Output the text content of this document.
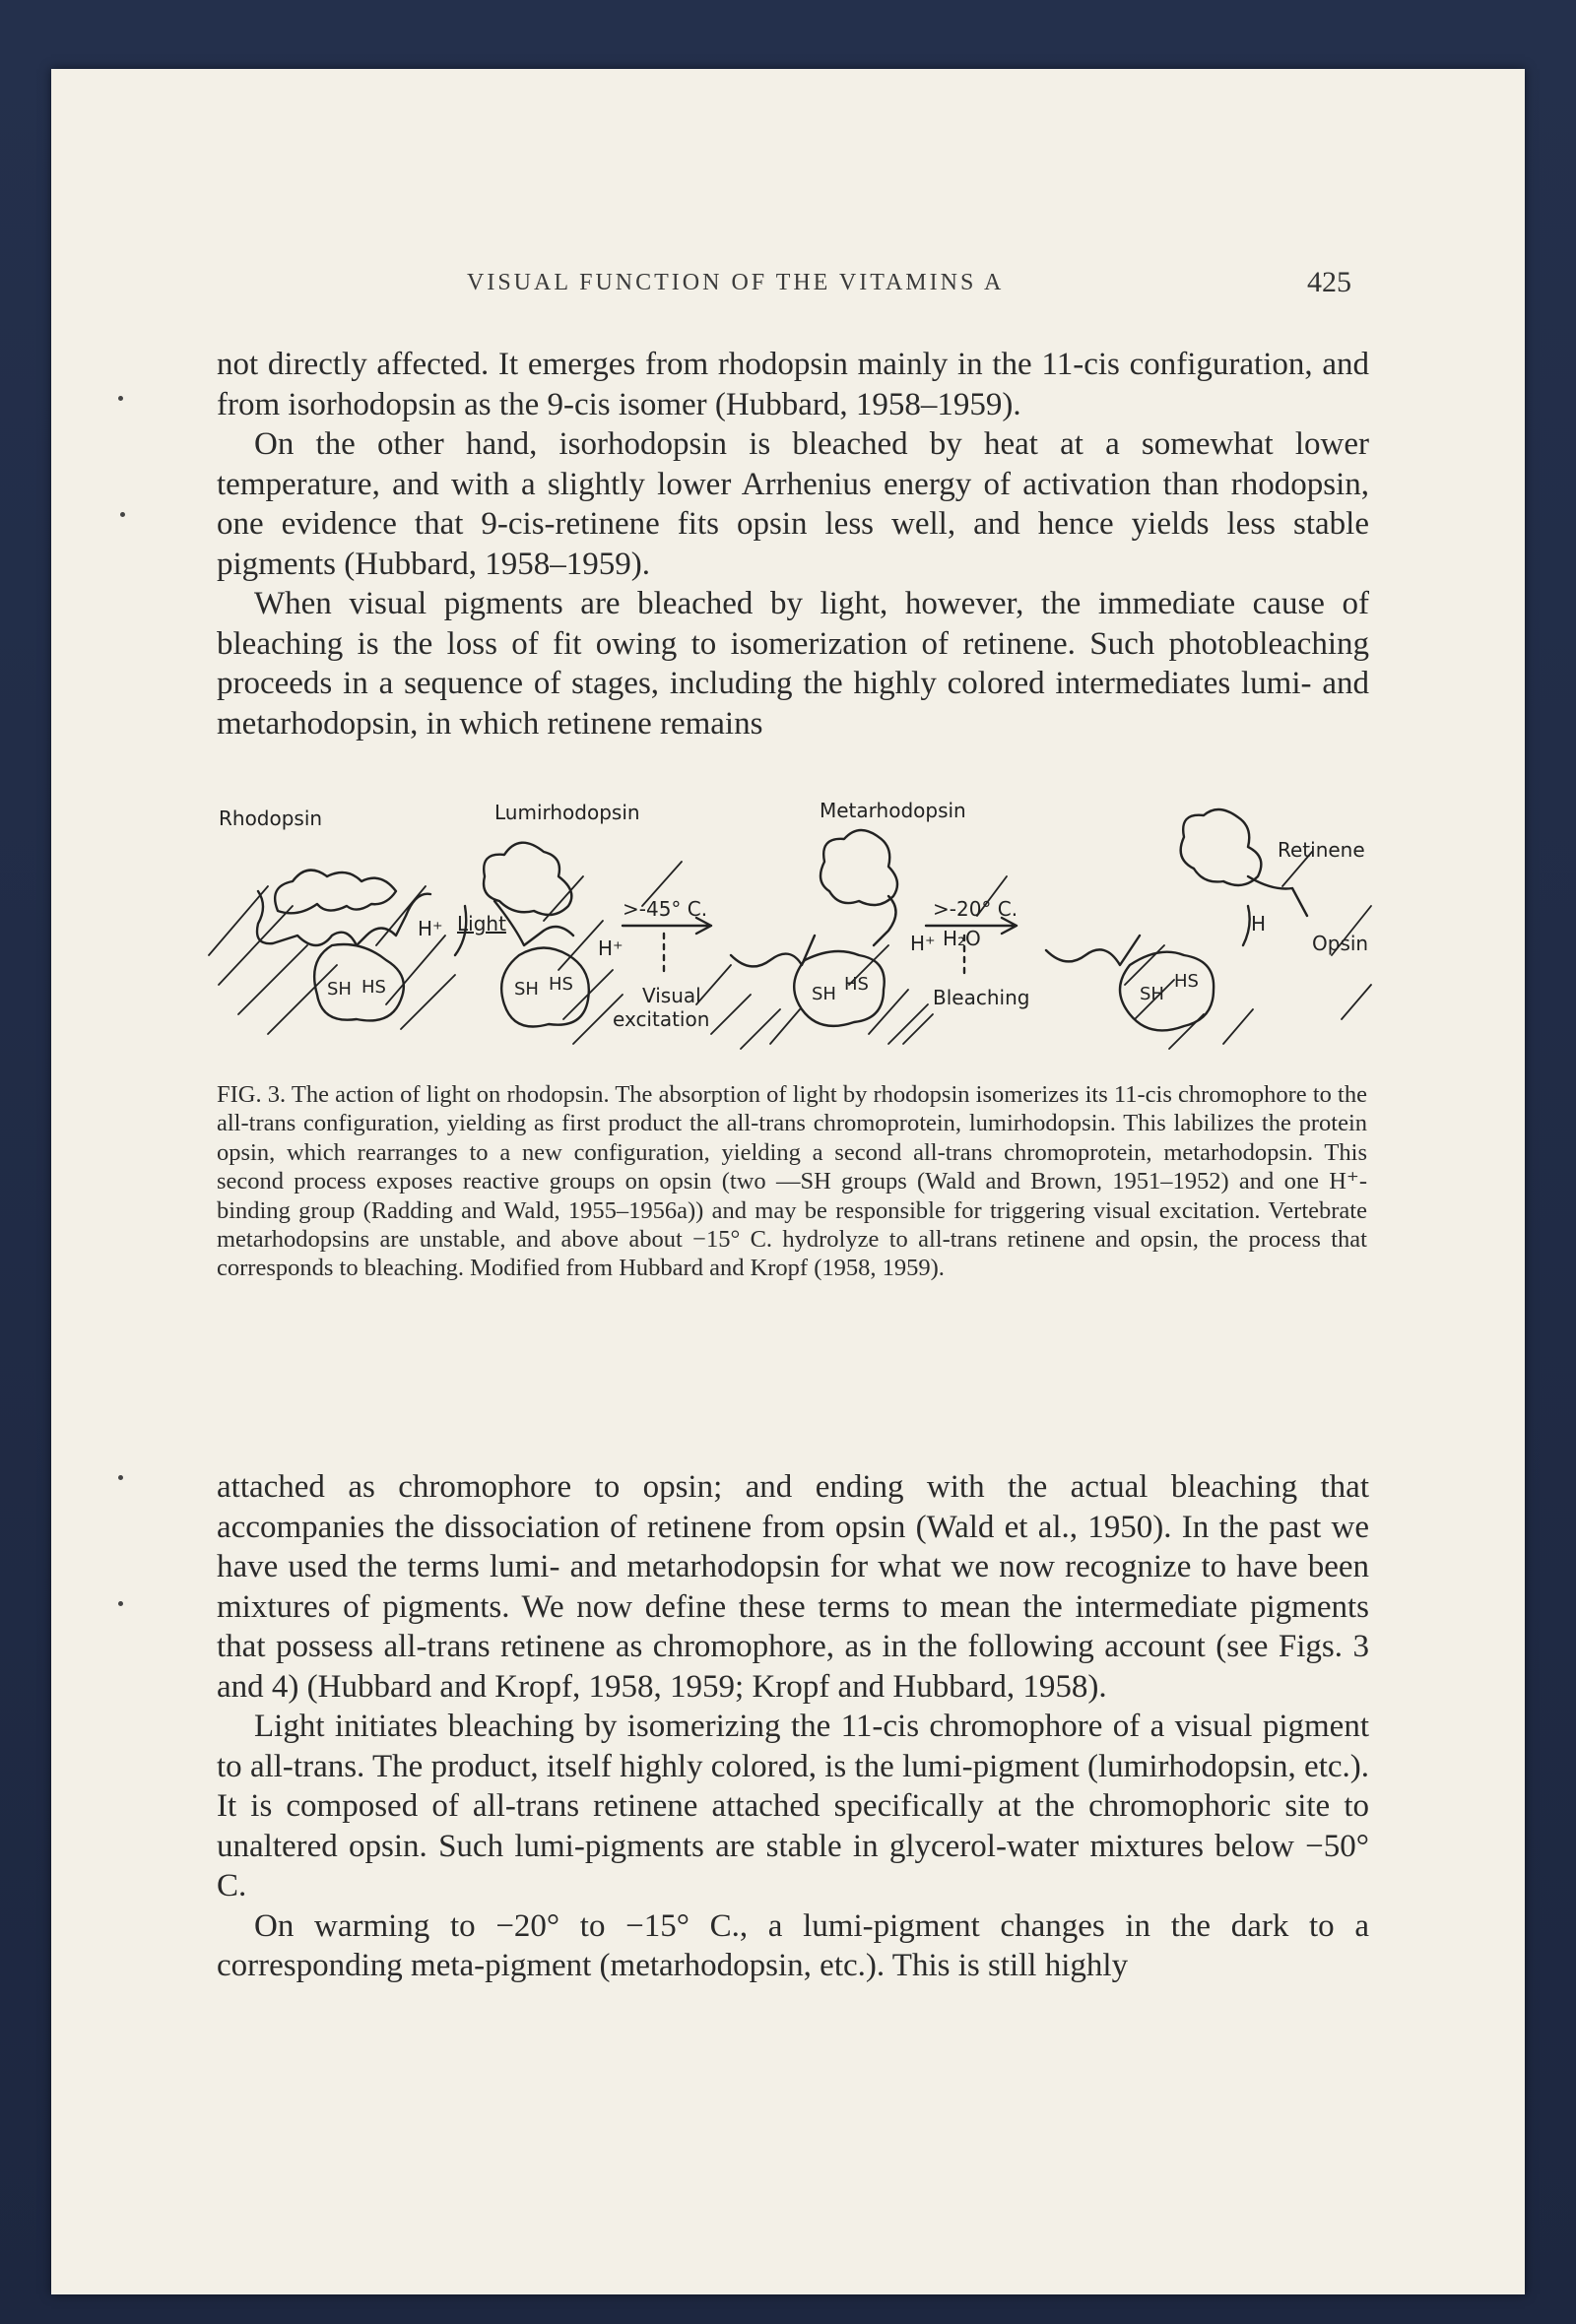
VISUAL FUNCTION OF THE VITAMINS A	425

not directly affected. It emerges from rhodopsin mainly in the 11-cis configuration, and from isorhodopsin as the 9-cis isomer (Hubbard, 1958–1959).

On the other hand, isorhodopsin is bleached by heat at a somewhat lower temperature, and with a slightly lower Arrhenius energy of activation than rhodopsin, one evidence that 9-cis-retinene fits opsin less well, and hence yields less stable pigments (Hubbard, 1958–1959).

When visual pigments are bleached by light, however, the immediate cause of bleaching is the loss of fit owing to isomerization of retinene. Such photobleaching proceeds in a sequence of stages, including the highly colored intermediates lumi- and metarhodopsin, in which retinene remains

Rhodopsin	Lumirhodopsin	Metarhodopsin
Retinene
Opsin
Light
>-45° C.	>-20° C.
H₂O
H⁺
H⁺	H⁺
H
Visual
excitation
Bleaching
SH HS	SH HS	SH HS	SH
HS
FIG. 3. The action of light on rhodopsin. The absorption of light by rhodopsin isomerizes its 11-cis chromophore to the all-trans configuration, yielding as first product the all-trans chromoprotein, lumirhodopsin. This labilizes the protein opsin, which rearranges to a new configuration, yielding a second all-trans chromoprotein, metarhodopsin. This second process exposes reactive groups on opsin (two —SH groups (Wald and Brown, 1951–1952) and one H⁺-binding group (Radding and Wald, 1955–1956a)) and may be responsible for triggering visual excitation. Vertebrate metarhodopsins are unstable, and above about −15° C. hydrolyze to all-trans retinene and opsin, the process that corresponds to bleaching. Modified from Hubbard and Kropf (1958, 1959).

attached as chromophore to opsin; and ending with the actual bleaching that accompanies the dissociation of retinene from opsin (Wald et al., 1950). In the past we have used the terms lumi- and metarhodopsin for what we now recognize to have been mixtures of pigments. We now define these terms to mean the intermediate pigments that possess all-trans retinene as chromophore, as in the following account (see Figs. 3 and 4) (Hubbard and Kropf, 1958, 1959; Kropf and Hubbard, 1958).

Light initiates bleaching by isomerizing the 11-cis chromophore of a visual pigment to all-trans. The product, itself highly colored, is the lumi-pigment (lumirhodopsin, etc.). It is composed of all-trans retinene attached specifically at the chromophoric site to unaltered opsin. Such lumi-pigments are stable in glycerol-water mixtures below −50° C.

On warming to −20° to −15° C., a lumi-pigment changes in the dark to a corresponding meta-pigment (metarhodopsin, etc.). This is still highly
